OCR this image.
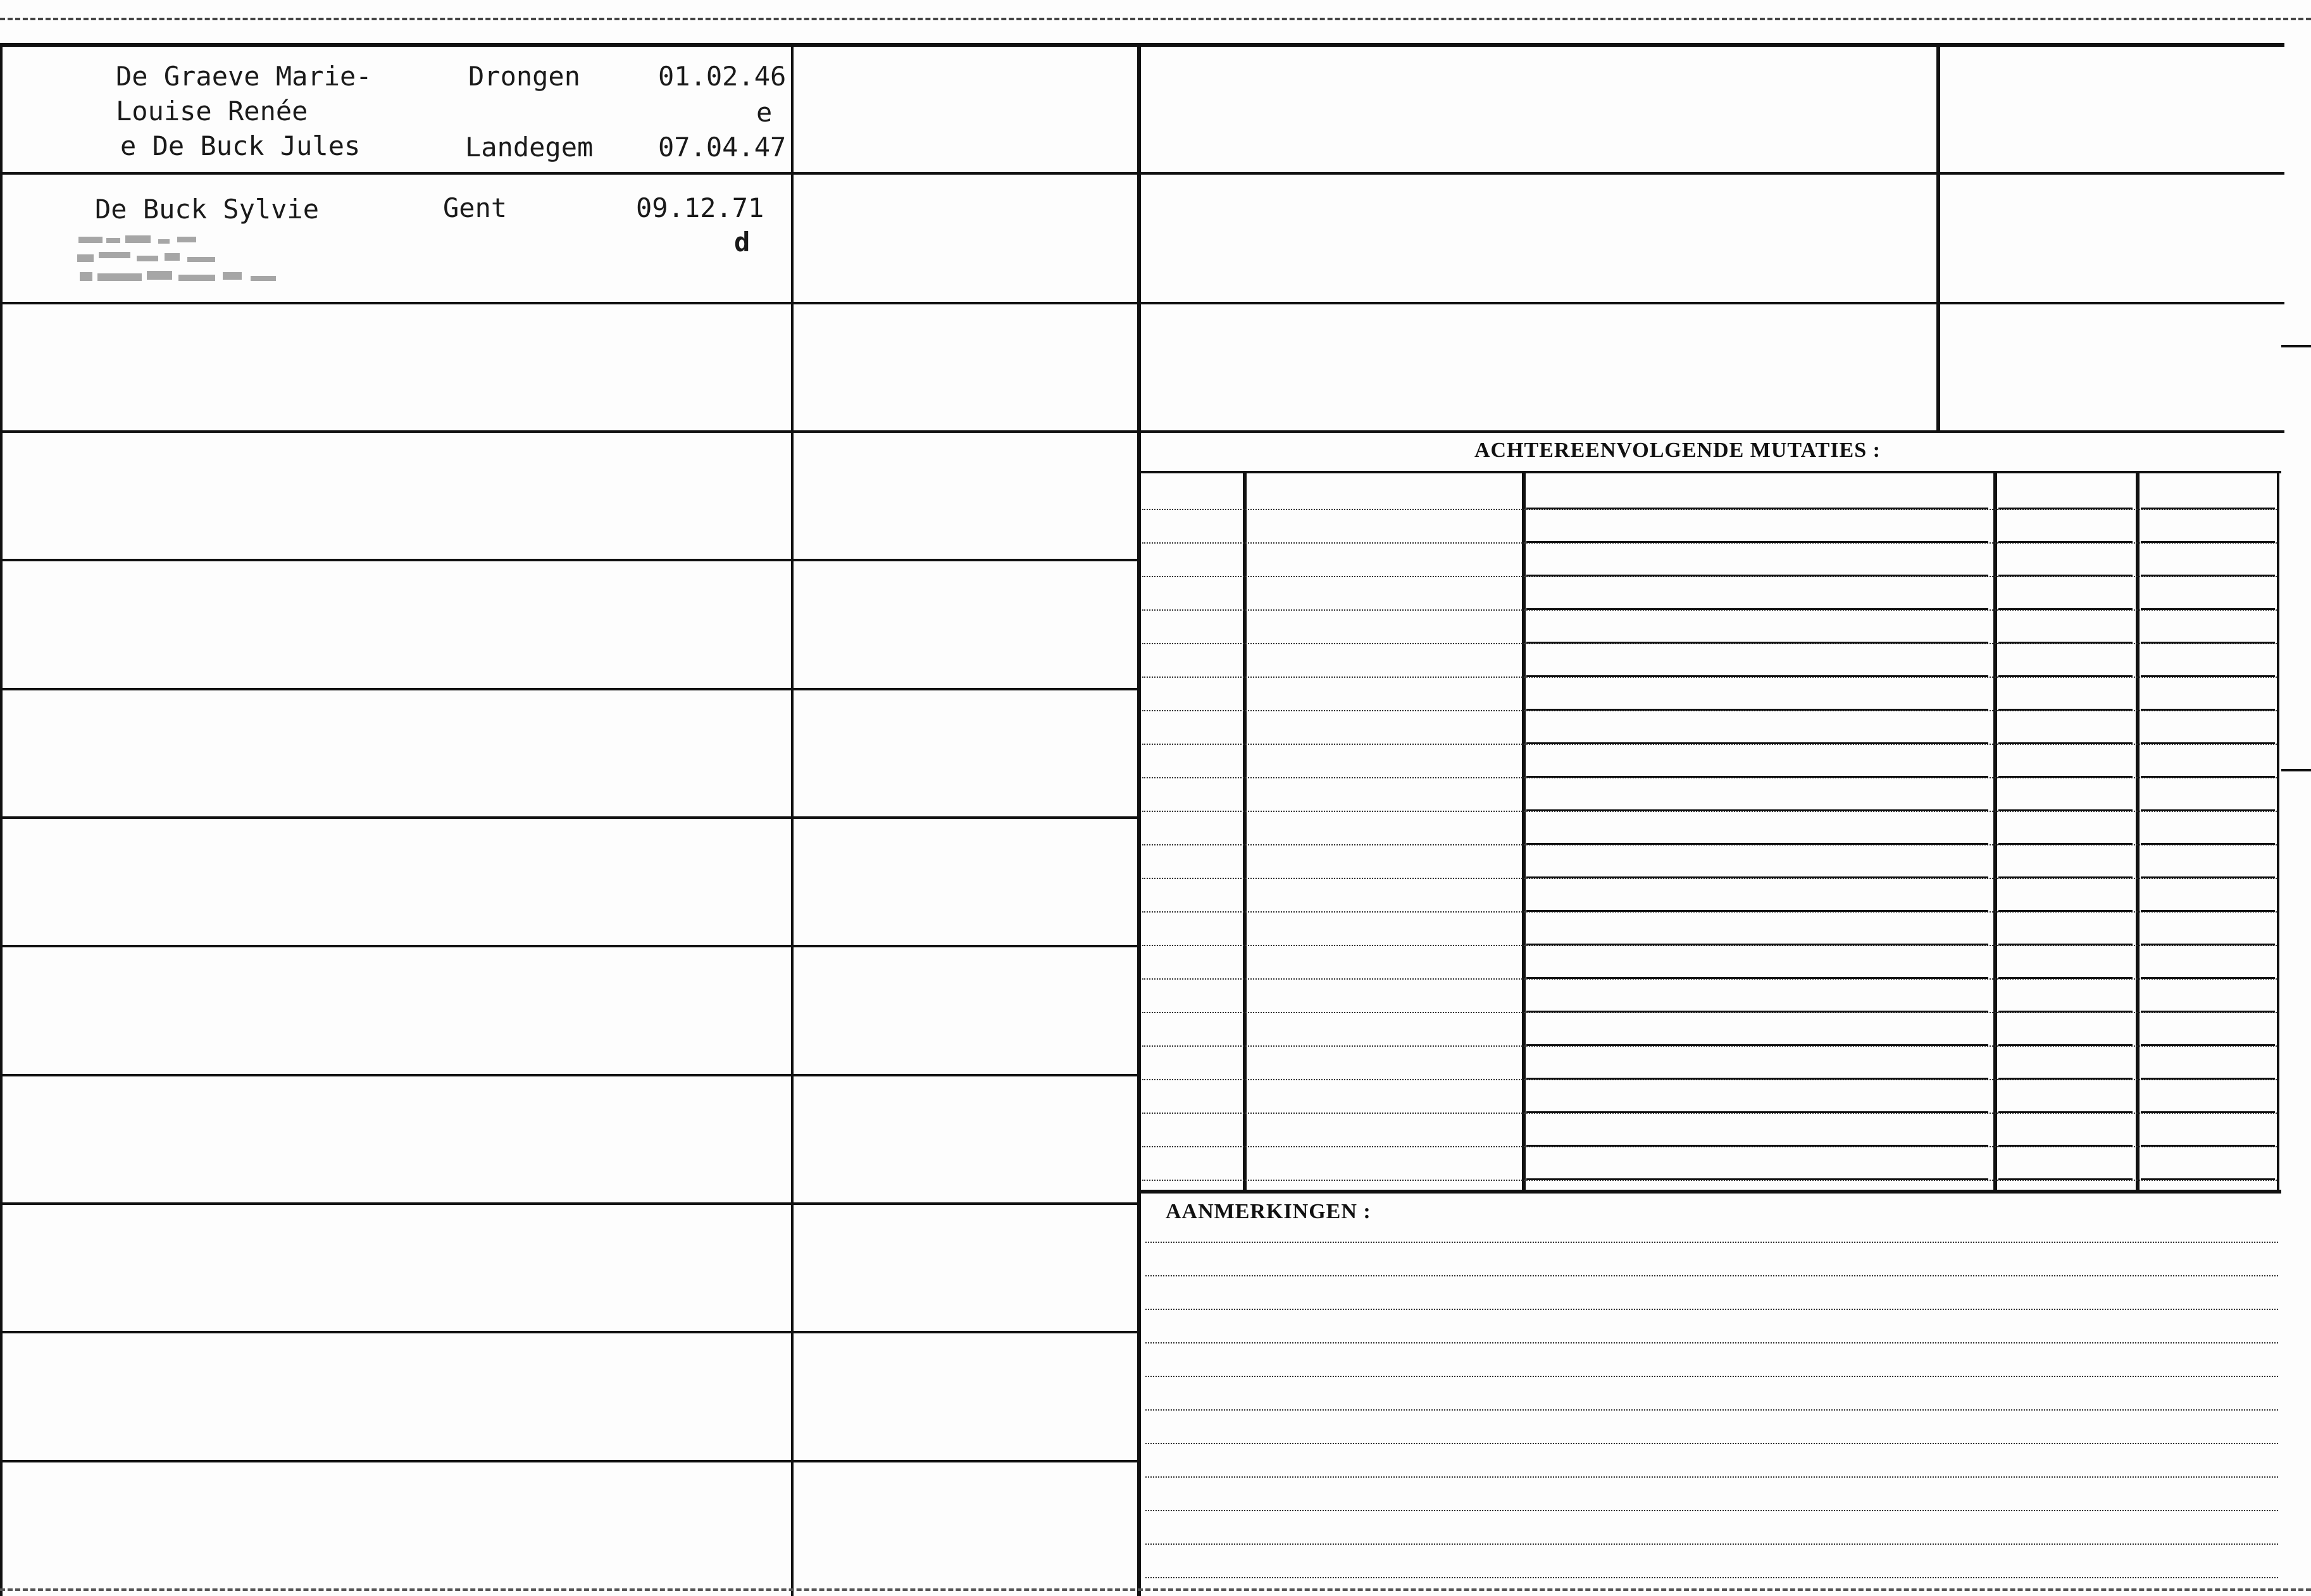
De Graeve Marie-
Louise Renée
e De Buck Jules
Drongen
Landegem
01.02.46
e
07.04.47
De Buck Sylvie	Gent	09.12.71
d
ACHTEREENVOLGENDE MUTATIES :
AANMERKINGEN :
